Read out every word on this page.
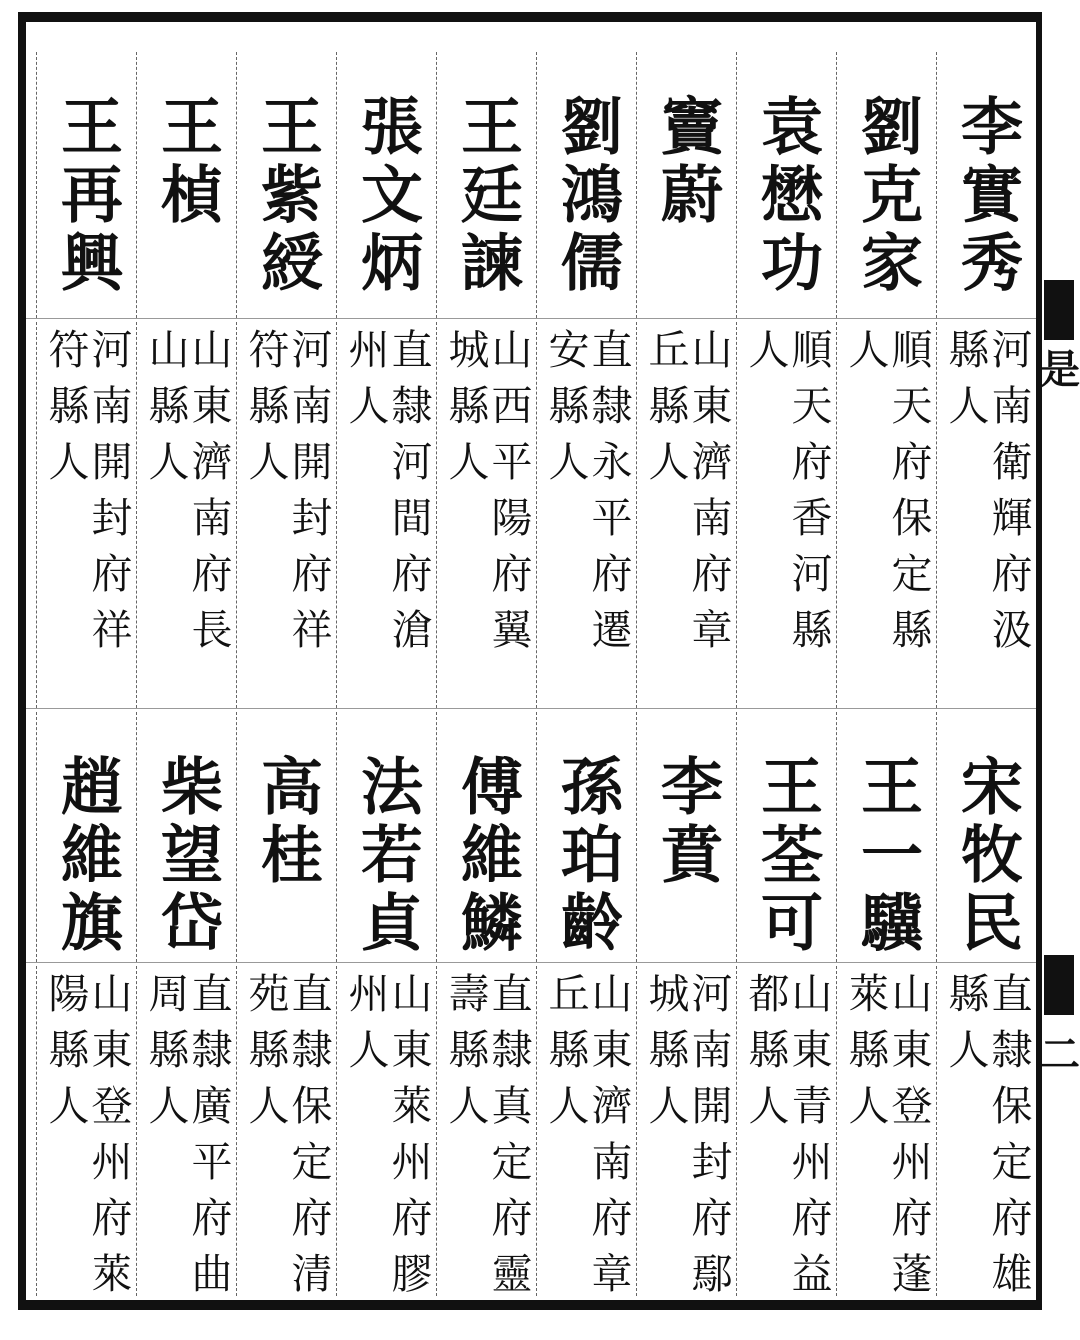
李實秀
劉克家
袁懋功
竇蔚
劉鴻儒
王廷諫
張文炳
王紫綬
王楨
王再興
河南衛輝府汲
縣人
順天府保定縣
人
順天府香河縣
人
山東濟南府章
丘縣人
直隸永平府遷
安縣人
山西平陽府翼
城縣人
直隸河間府滄
州人
河南開封府祥
符縣人
山東濟南府長
山縣人
河南開封府祥
符縣人
宋牧民
王一驥
王荃可
李賁
孫珀齡
傅維鱗
法若貞
高桂
柴望岱
趙維旗
直隸保定府雄
縣人
山東登州府蓬
萊縣人
山東青州府益
都縣人
河南開封府鄢
城縣人
山東濟南府章
丘縣人
直隸真定府靈
壽縣人
山東萊州府膠
州人
直隸保定府清
苑縣人
直隸廣平府曲
周縣人
山東登州府萊
陽縣人
是
二
